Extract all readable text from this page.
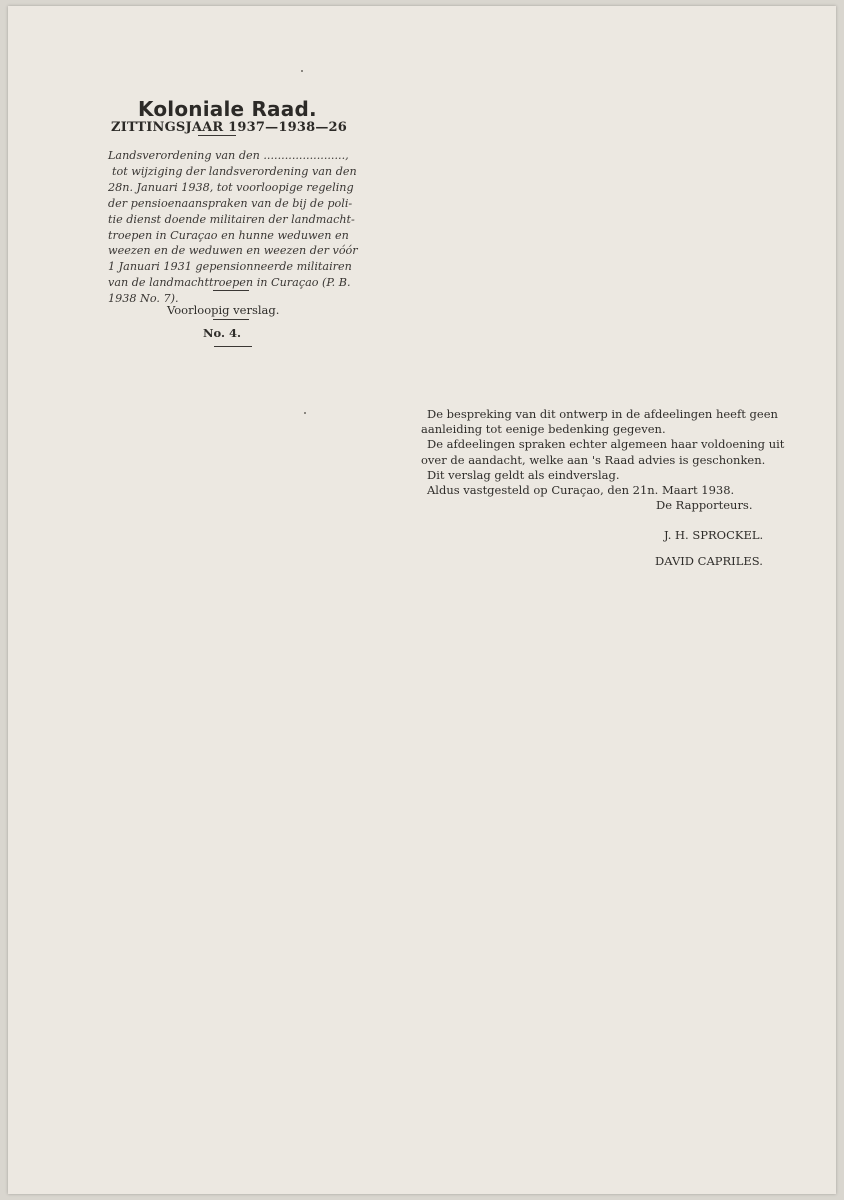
Koloniale Raad.
ZITTINGSJAAR 1937—1938—26
Landsverordening van den .......................,
tot wijziging der landsverordening van den
28n. Januari 1938, tot voorloopige regeling
der pensioenaanspraken van de bij de poli-
tie dienst doende militairen der landmacht-
troepen in Curaçao en hunne weduwen en
weezen en de weduwen en weezen der vóór
1 Januari 1931 gepensionneerde militairen
van de landmachttroepen in Curaçao (P. B.
1938 No. 7).
Voorloopig verslag.
No. 4.
De bespreking van dit ontwerp in de afdeelingen heeft geen
aanleiding tot eenige bedenking gegeven.
De afdeelingen spraken echter algemeen haar voldoening uit
over de aandacht, welke aan 's Raad advies is geschonken.
Dit verslag geldt als eindverslag.
Aldus vastgesteld op Curaçao, den 21n. Maart 1938.
De Rapporteurs.
J. H. SPROCKEL.
DAVID CAPRILES.
